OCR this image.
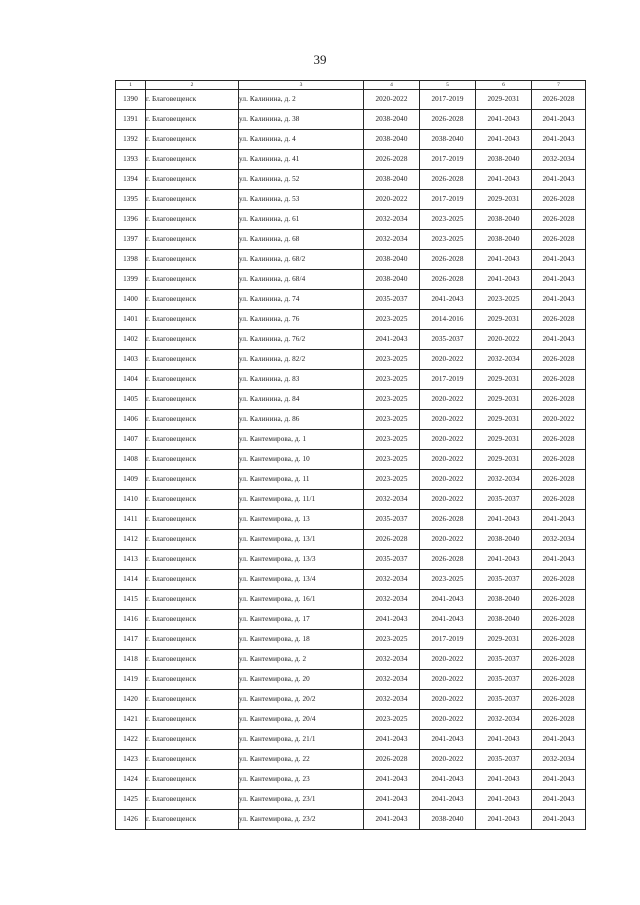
39
1	2	3	4	5	6	7
1390	г. Благовещенск	ул. Калинина, д. 2	2020-2022	2017-2019	2029-2031	2026-2028
1391	г. Благовещенск	ул. Калинина, д. 38	2038-2040	2026-2028	2041-2043	2041-2043
1392	г. Благовещенск	ул. Калинина, д. 4	2038-2040	2038-2040	2041-2043	2041-2043
1393	г. Благовещенск	ул. Калинина, д. 41	2026-2028	2017-2019	2038-2040	2032-2034
1394	г. Благовещенск	ул. Калинина, д. 52	2038-2040	2026-2028	2041-2043	2041-2043
1395	г. Благовещенск	ул. Калинина, д. 53	2020-2022	2017-2019	2029-2031	2026-2028
1396	г. Благовещенск	ул. Калинина, д. 61	2032-2034	2023-2025	2038-2040	2026-2028
1397	г. Благовещенск	ул. Калинина, д. 68	2032-2034	2023-2025	2038-2040	2026-2028
1398	г. Благовещенск	ул. Калинина, д. 68/2	2038-2040	2026-2028	2041-2043	2041-2043
1399	г. Благовещенск	ул. Калинина, д. 68/4	2038-2040	2026-2028	2041-2043	2041-2043
1400	г. Благовещенск	ул. Калинина, д. 74	2035-2037	2041-2043	2023-2025	2041-2043
1401	г. Благовещенск	ул. Калинина, д. 76	2023-2025	2014-2016	2029-2031	2026-2028
1402	г. Благовещенск	ул. Калинина, д. 76/2	2041-2043	2035-2037	2020-2022	2041-2043
1403	г. Благовещенск	ул. Калинина, д. 82/2	2023-2025	2020-2022	2032-2034	2026-2028
1404	г. Благовещенск	ул. Калинина, д. 83	2023-2025	2017-2019	2029-2031	2026-2028
1405	г. Благовещенск	ул. Калинина, д. 84	2023-2025	2020-2022	2029-2031	2026-2028
1406	г. Благовещенск	ул. Калинина, д. 86	2023-2025	2020-2022	2029-2031	2020-2022
1407	г. Благовещенск	ул. Кантемирова, д. 1	2023-2025	2020-2022	2029-2031	2026-2028
1408	г. Благовещенск	ул. Кантемирова, д. 10	2023-2025	2020-2022	2029-2031	2026-2028
1409	г. Благовещенск	ул. Кантемирова, д. 11	2023-2025	2020-2022	2032-2034	2026-2028
1410	г. Благовещенск	ул. Кантемирова, д. 11/1	2032-2034	2020-2022	2035-2037	2026-2028
1411	г. Благовещенск	ул. Кантемирова, д. 13	2035-2037	2026-2028	2041-2043	2041-2043
1412	г. Благовещенск	ул. Кантемирова, д. 13/1	2026-2028	2020-2022	2038-2040	2032-2034
1413	г. Благовещенск	ул. Кантемирова, д. 13/3	2035-2037	2026-2028	2041-2043	2041-2043
1414	г. Благовещенск	ул. Кантемирова, д. 13/4	2032-2034	2023-2025	2035-2037	2026-2028
1415	г. Благовещенск	ул. Кантемирова, д. 16/1	2032-2034	2041-2043	2038-2040	2026-2028
1416	г. Благовещенск	ул. Кантемирова, д. 17	2041-2043	2041-2043	2038-2040	2026-2028
1417	г. Благовещенск	ул. Кантемирова, д. 18	2023-2025	2017-2019	2029-2031	2026-2028
1418	г. Благовещенск	ул. Кантемирова, д. 2	2032-2034	2020-2022	2035-2037	2026-2028
1419	г. Благовещенск	ул. Кантемирова, д. 20	2032-2034	2020-2022	2035-2037	2026-2028
1420	г. Благовещенск	ул. Кантемирова, д. 20/2	2032-2034	2020-2022	2035-2037	2026-2028
1421	г. Благовещенск	ул. Кантемирова, д. 20/4	2023-2025	2020-2022	2032-2034	2026-2028
1422	г. Благовещенск	ул. Кантемирова, д. 21/1	2041-2043	2041-2043	2041-2043	2041-2043
1423	г. Благовещенск	ул. Кантемирова, д. 22	2026-2028	2020-2022	2035-2037	2032-2034
1424	г. Благовещенск	ул. Кантемирова, д. 23	2041-2043	2041-2043	2041-2043	2041-2043
1425	г. Благовещенск	ул. Кантемирова, д. 23/1	2041-2043	2041-2043	2041-2043	2041-2043
1426	г. Благовещенск	ул. Кантемирова, д. 23/2	2041-2043	2038-2040	2041-2043	2041-2043
